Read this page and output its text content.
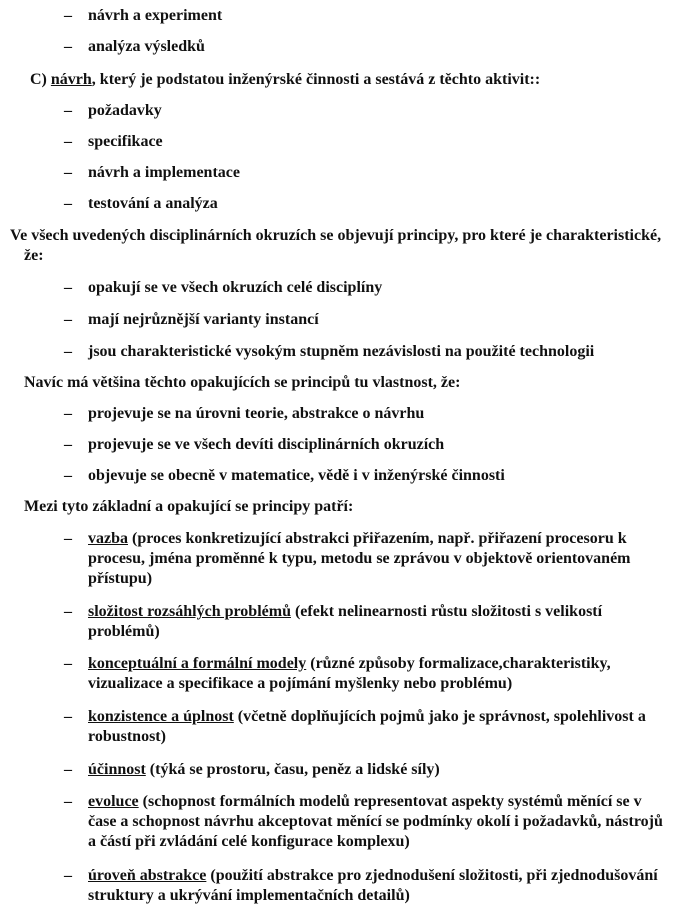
– návrh a experiment
– analýza výsledků
C) návrh, který je podstatou inženýrské činnosti a sestává z těchto aktivit::
– požadavky
– specifikace
– návrh a implementace
– testování a analýza
Ve všech uvedených disciplinárních okruzích se objevují principy, pro které je charakteristické, že:
– opakují se ve všech okruzích celé disciplíny
– mají nejrůznější varianty instancí
– jsou charakteristické vysokým stupněm nezávislosti na použité technologii
Navíc má většina těchto opakujících se principů tu vlastnost, že:
– projevuje se na úrovni teorie, abstrakce o návrhu
– projevuje se ve všech devíti disciplinárních okruzích
– objevuje se obecně v matematice, vědě i v inženýrské činnosti
Mezi tyto základní a opakující se principy patří:
– vazba (proces konkretizující abstrakci přiřazením, např. přiřazení procesoru k procesu, jména proměnné k typu, metodu se zprávou v objektově orientovaném přístupu)
– složitost rozsáhlých problémů (efekt nelinearnosti růstu složitosti s velikostí problémů)
– konceptuální a formální modely (různé způsoby formalizace,charakteristiky, vizualizace a specifikace a pojímání myšlenky nebo problému)
– konzistence a úplnost (včetně doplňujících pojmů jako je správnost, spolehlivost a robustnost)
– účinnost (týká se prostoru, času, peněz a lidské síly)
– evoluce (schopnost formálních modelů representovat aspekty systémů měnící se v čase a schopnost návrhu akceptovat měnící se podmínky okolí i požadavků, nástrojů a částí při zvládání celé konfigurace komplexu)
– úroveň abstrakce (použití abstrakce pro zjednodušení složitosti, při zjednodušování struktury a ukrývání implementačních detailů)
